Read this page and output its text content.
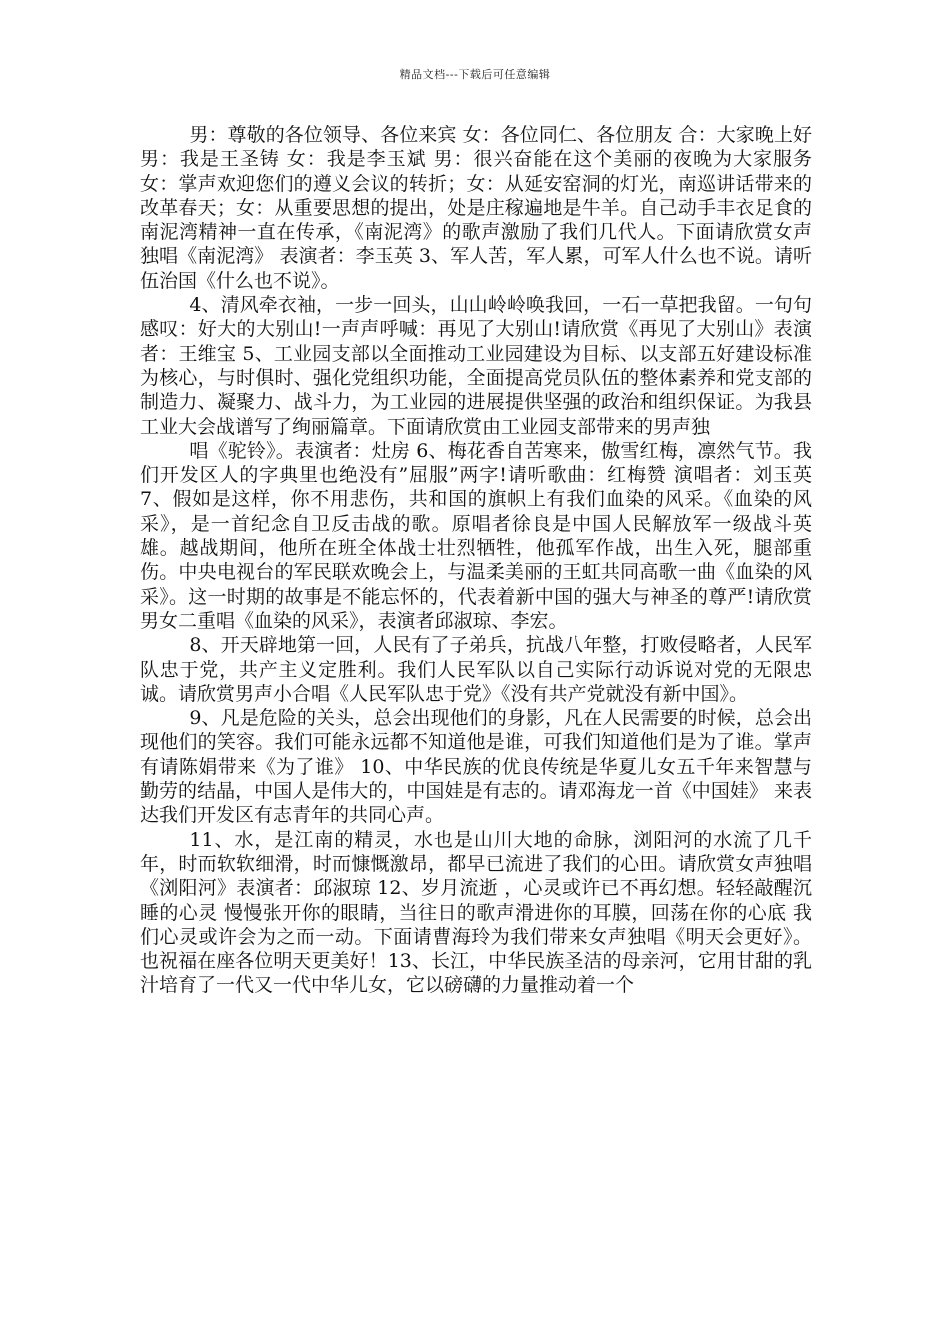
精品文档---下载后可任意编辑

男：尊敬的各位领导、各位来宾 女：各位同仁、各位朋友 合：大家晚上好 男：我是王圣铸 女：我是李玉斌 男：很兴奋能在这个美丽的夜晚为大家服务 女：掌声欢迎您们的遵义会议的转折；女：从延安窑洞的灯光，南巡讲话带来的改革春天；女：从重要思想的提出，处是庄稼遍地是牛羊。自己动手丰衣足食的南泥湾精神一直在传承，《南泥湾》的歌声激励了我们几代人。下面请欣赏女声独唱《南泥湾》 表演者：李玉英 3、军人苦，军人累，可军人什么也不说。请听伍治国《什么也不说》。

4、清风牵衣袖，一步一回头，山山岭岭唤我回，一石一草把我留。一句句感叹：好大的大别山!一声声呼喊：再见了大别山!请欣赏《再见了大别山》表演者：王维宝 5、工业园支部以全面推动工业园建设为目标、以支部五好建设标准为核心，与时俱时、强化党组织功能，全面提高党员队伍的整体素养和党支部的制造力、凝聚力、战斗力，为工业园的进展提供坚强的政治和组织保证。为我县工业大会战谱写了绚丽篇章。下面请欣赏由工业园支部带来的男声独

唱《驼铃》。表演者：灶房 6、梅花香自苦寒来，傲雪红梅，凛然气节。我们开发区人的字典里也绝没有”屈服”两字!请听歌曲：红梅赞 演唱者：刘玉英 7、假如是这样，你不用悲伤，共和国的旗帜上有我们血染的风采。《血染的风采》，是一首纪念自卫反击战的歌。原唱者徐良是中国人民解放军一级战斗英雄。越战期间，他所在班全体战士壮烈牺牲，他孤军作战，出生入死，腿部重伤。中央电视台的军民联欢晚会上，与温柔美丽的王虹共同高歌一曲《血染的风采》。这一时期的故事是不能忘怀的，代表着新中国的强大与神圣的尊严!请欣赏男女二重唱《血染的风采》，表演者邱淑琼、李宏。

8、开天辟地第一回，人民有了子弟兵，抗战八年整，打败侵略者，人民军队忠于党，共产主义定胜利。我们人民军队以自己实际行动诉说对党的无限忠诚。请欣赏男声小合唱《人民军队忠于党》《没有共产党就没有新中国》。

9、凡是危险的关头，总会出现他们的身影，凡在人民需要的时候，总会出现他们的笑容。我们可能永远都不知道他是谁，可我们知道他们是为了谁。掌声有请陈娟带来《为了谁》 10、中华民族的优良传统是华夏儿女五千年来智慧与勤劳的结晶，中国人是伟大的，中国娃是有志的。请邓海龙一首《中国娃》 来表达我们开发区有志青年的共同心声。

11、水，是江南的精灵，水也是山川大地的命脉，浏阳河的水流了几千年，时而软软细滑，时而慷慨激昂，都早已流进了我们的心田。请欣赏女声独唱《浏阳河》表演者：邱淑琼 12、岁月流逝 ，心灵或许已不再幻想。轻轻敲醒沉睡的心灵 慢慢张开你的眼睛，当往日的歌声滑进你的耳膜，回荡在你的心底 我们心灵或许会为之而一动。下面请曹海玲为我们带来女声独唱《明天会更好》。也祝福在座各位明天更美好！13、长江，中华民族圣洁的母亲河，它用甘甜的乳汁培育了一代又一代中华儿女，它以磅礴的力量推动着一个
